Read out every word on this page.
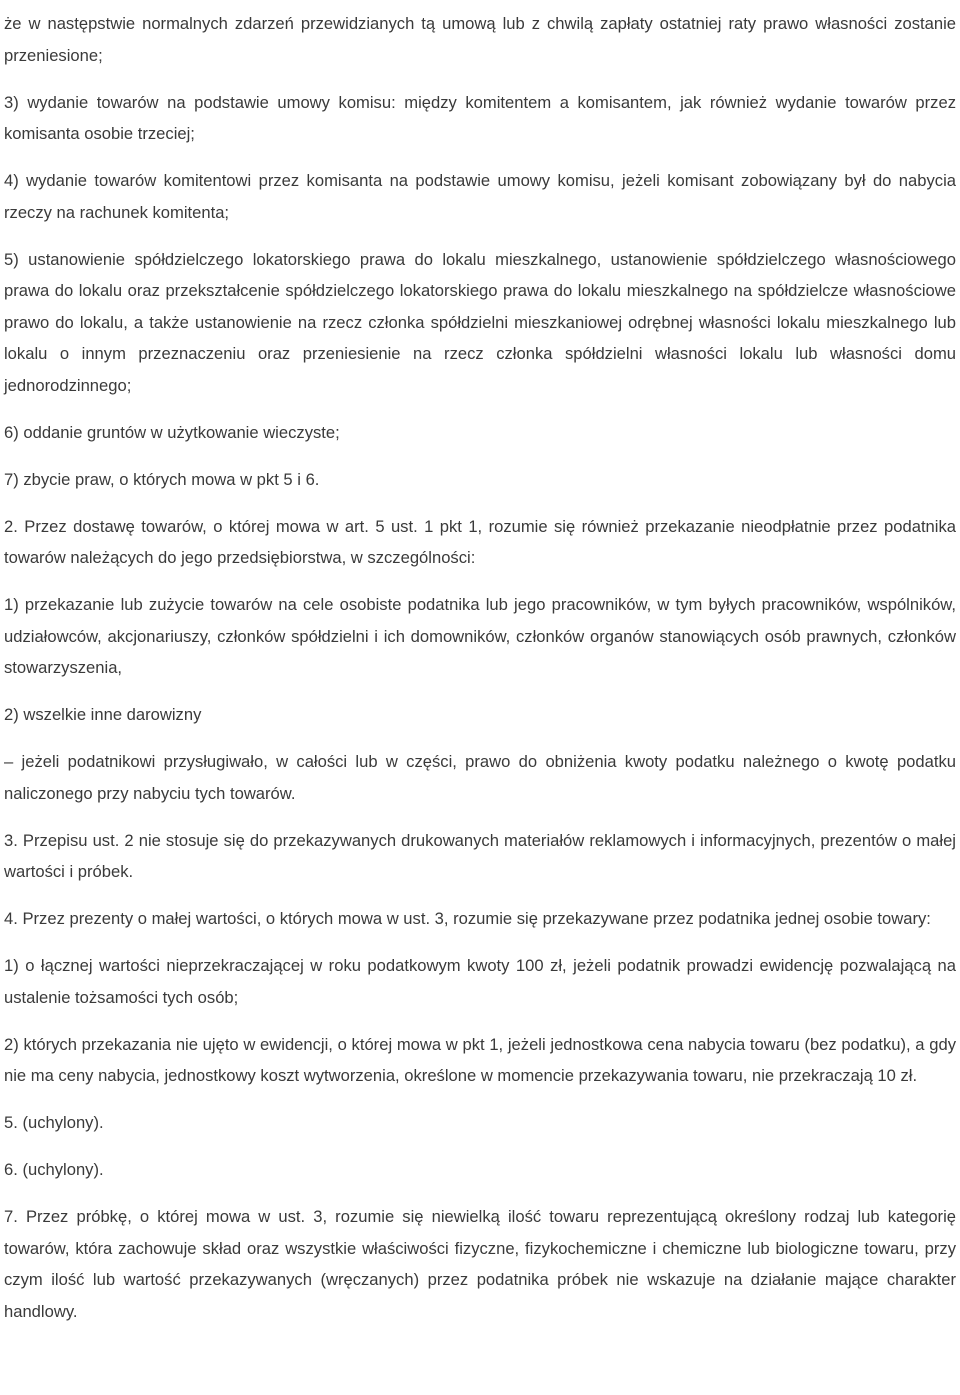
że w następstwie normalnych zdarzeń przewidzianych tą umową lub z chwilą zapłaty ostatniej raty prawo własności zostanie przeniesione;

3) wydanie towarów na podstawie umowy komisu: między komitentem a komisantem, jak również wydanie towarów przez komisanta osobie trzeciej;

4) wydanie towarów komitentowi przez komisanta na podstawie umowy komisu, jeżeli komisant zobowiązany był do nabycia rzeczy na rachunek komitenta;

5) ustanowienie spółdzielczego lokatorskiego prawa do lokalu mieszkalnego, ustanowienie spółdzielczego własnościowego prawa do lokalu oraz przekształcenie spółdzielczego lokatorskiego prawa do lokalu mieszkalnego na spółdzielcze własnościowe prawo do lokalu, a także ustanowienie na rzecz członka spółdzielni mieszkaniowej odrębnej własności lokalu mieszkalnego lub lokalu o innym przeznaczeniu oraz przeniesienie na rzecz członka spółdzielni własności lokalu lub własności domu jednorodzinnego;

6) oddanie gruntów w użytkowanie wieczyste;

7) zbycie praw, o których mowa w pkt 5 i 6.

2. Przez dostawę towarów, o której mowa w art. 5 ust. 1 pkt 1, rozumie się również przekazanie nieodpłatnie przez podatnika towarów należących do jego przedsiębiorstwa, w szczególności:

1) przekazanie lub zużycie towarów na cele osobiste podatnika lub jego pracowników, w tym byłych pracowników, wspólników, udziałowców, akcjonariuszy, członków spółdzielni i ich domowników, członków organów stanowiących osób prawnych, członków stowarzyszenia,

2) wszelkie inne darowizny

– jeżeli podatnikowi przysługiwało, w całości lub w części, prawo do obniżenia kwoty podatku należnego o kwotę podatku naliczonego przy nabyciu tych towarów.

3. Przepisu ust. 2 nie stosuje się do przekazywanych drukowanych materiałów reklamowych i informacyjnych, prezentów o małej wartości i próbek.

4. Przez prezenty o małej wartości, o których mowa w ust. 3, rozumie się przekazywane przez podatnika jednej osobie towary:

1) o łącznej wartości nieprzekraczającej w roku podatkowym kwoty 100 zł, jeżeli podatnik prowadzi ewidencję pozwalającą na ustalenie tożsamości tych osób;

2) których przekazania nie ujęto w ewidencji, o której mowa w pkt 1, jeżeli jednostkowa cena nabycia towaru (bez podatku), a gdy nie ma ceny nabycia, jednostkowy koszt wytworzenia, określone w momencie przekazywania towaru, nie przekraczają 10 zł.

5. (uchylony).

6. (uchylony).

7. Przez próbkę, o której mowa w ust. 3, rozumie się niewielką ilość towaru reprezentującą określony rodzaj lub kategorię towarów, która zachowuje skład oraz wszystkie właściwości fizyczne, fizykochemiczne i chemiczne lub biologiczne towaru, przy czym ilość lub wartość przekazywanych (wręczanych) przez podatnika próbek nie wskazuje na działanie mające charakter handlowy.
